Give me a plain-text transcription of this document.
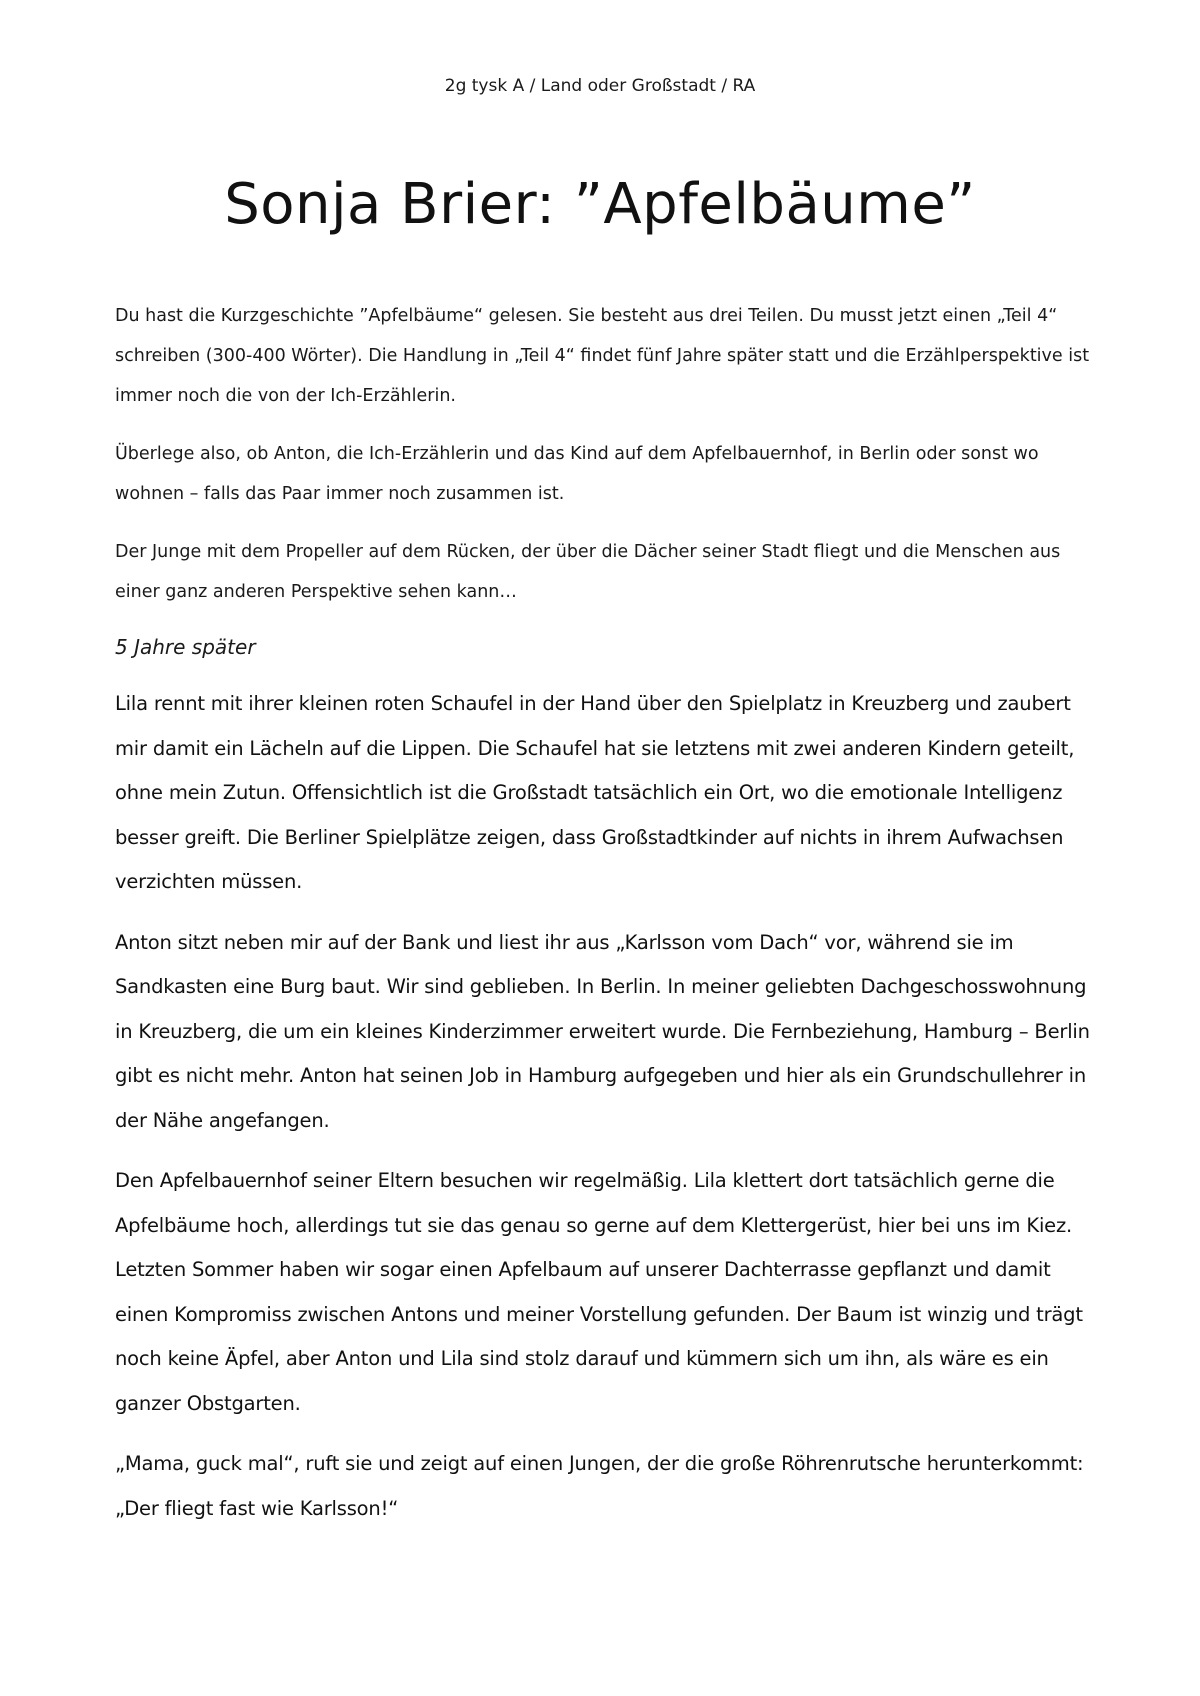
2g tysk A / Land oder Großstadt / RA
Sonja Brier: ”Apfelbäume”

Du hast die Kurzgeschichte ”Apfelbäume“ gelesen. Sie besteht aus drei Teilen. Du musst jetzt einen „Teil 4“ schreiben (300-400 Wörter). Die Handlung in „Teil 4“ findet fünf Jahre später statt und die Erzählperspektive ist immer noch die von der Ich-Erzählerin.

Überlege also, ob Anton, die Ich-Erzählerin und das Kind auf dem Apfelbauernhof, in Berlin oder sonst wo wohnen – falls das Paar immer noch zusammen ist.

Der Junge mit dem Propeller auf dem Rücken, der über die Dächer seiner Stadt fliegt und die Menschen aus einer ganz anderen Perspektive sehen kann…

5 Jahre später

Lila rennt mit ihrer kleinen roten Schaufel in der Hand über den Spielplatz in Kreuzberg und zaubert mir damit ein Lächeln auf die Lippen. Die Schaufel hat sie letztens mit zwei anderen Kindern geteilt, ohne mein Zutun. Offensichtlich ist die Großstadt tatsächlich ein Ort, wo die emotionale Intelligenz besser greift. Die Berliner Spielplätze zeigen, dass Großstadtkinder auf nichts in ihrem Aufwachsen verzichten müssen.

Anton sitzt neben mir auf der Bank und liest ihr aus „Karlsson vom Dach“ vor, während sie im Sandkasten eine Burg baut. Wir sind geblieben. In Berlin. In meiner geliebten Dachgeschosswohnung in Kreuzberg, die um ein kleines Kinderzimmer erweitert wurde. Die Fernbeziehung, Hamburg – Berlin gibt es nicht mehr. Anton hat seinen Job in Hamburg aufgegeben und hier als ein Grundschullehrer in der Nähe angefangen.

Den Apfelbauernhof seiner Eltern besuchen wir regelmäßig. Lila klettert dort tatsächlich gerne die Apfelbäume hoch, allerdings tut sie das genau so gerne auf dem Klettergerüst, hier bei uns im Kiez. Letzten Sommer haben wir sogar einen Apfelbaum auf unserer Dachterrasse gepflanzt und damit einen Kompromiss zwischen Antons und meiner Vorstellung gefunden. Der Baum ist winzig und trägt noch keine Äpfel, aber Anton und Lila sind stolz darauf und kümmern sich um ihn, als wäre es ein ganzer Obstgarten.

„Mama, guck mal“, ruft sie und zeigt auf einen Jungen, der die große Röhrenrutsche herunterkommt: „Der fliegt fast wie Karlsson!“
